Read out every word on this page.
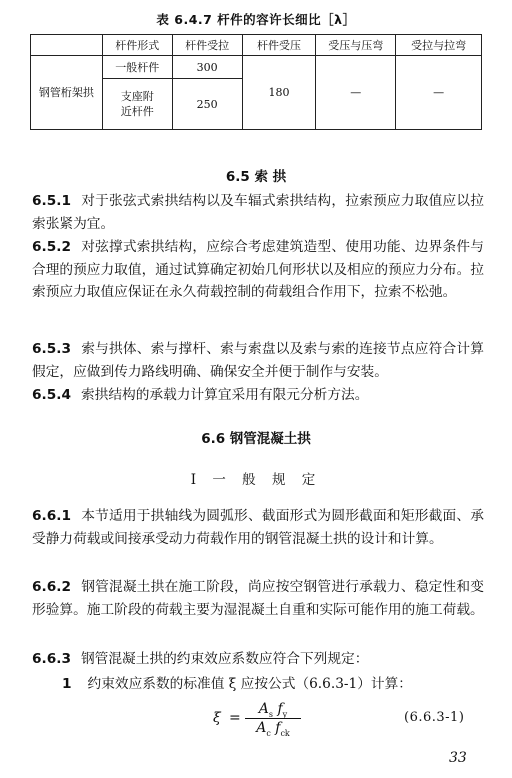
表 6.4.7 杆件的容许长细比［λ］
	杆件形式	杆件受拉	杆件受压	受压与压弯	受拉与拉弯
钢管桁架拱	一般杆件	300	180	—	—
	支座附近杆件	250			
6.5 索 拱
6.5.1 对于张弦式索拱结构以及车辐式索拱结构，拉索预应力取值应以拉索张紧为宜。
6.5.2 对弦撑式索拱结构，应综合考虑建筑造型、使用功能、边界条件与合理的预应力取值，通过试算确定初始几何形状以及相应的预应力分布。拉索预应力取值应保证在永久荷载控制的荷载组合作用下，拉索不松弛。
6.5.3 索与拱体、索与撑杆、索与索盘以及索与索的连接节点应符合计算假定，应做到传力路线明确、确保安全并便于制作与安装。
6.5.4 索拱结构的承载力计算宜采用有限元分析方法。
6.6 钢管混凝土拱
Ⅰ 一 般 规 定
6.6.1 本节适用于拱轴线为圆弧形、截面形式为圆形截面和矩形截面、承受静力荷载或间接承受动力荷载作用的钢管混凝土拱的设计和计算。
6.6.2 钢管混凝土拱在施工阶段，尚应按空钢管进行承载力、稳定性和变形验算。施工阶段的荷载主要为湿混凝土自重和实际可能作用的施工荷载。
6.6.3 钢管混凝土拱的约束效应系数应符合下列规定：
1 约束效应系数的标准值 ξ 应按公式（6.6.3-1）计算：
ξ =
$A_s$ $f_y$
$A_c$ $f_{ck}$
(6.6.3-1)
33
